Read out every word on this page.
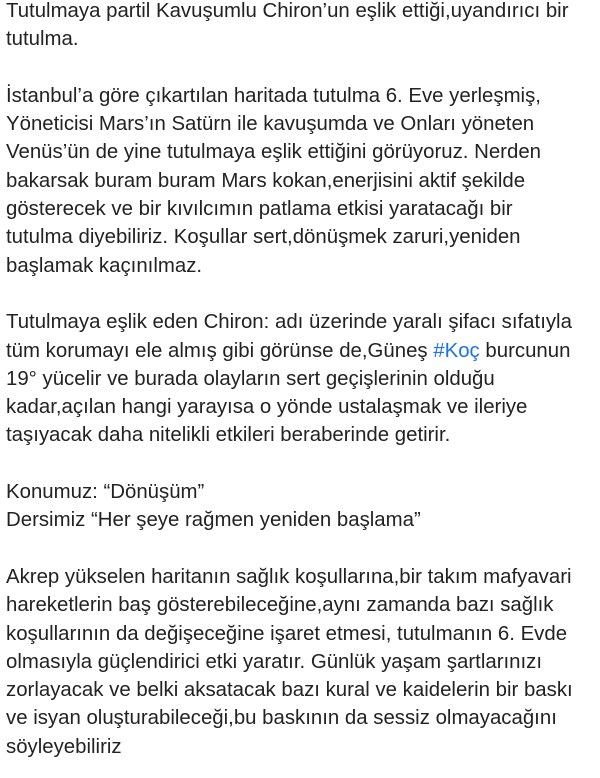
Tutulmaya partil Kavuşumlu Chiron’un eşlik ettiği,uyandırıcı bir
tutulma.
İstanbul’a göre çıkartılan haritada tutulma 6. Eve yerleşmiş,
Yöneticisi Mars’ın Satürn ile kavuşumda ve Onları yöneten
Venüs’ün de yine tutulmaya eşlik ettiğini görüyoruz. Nerden
bakarsak buram buram Mars kokan,enerjisini aktif şekilde
gösterecek ve bir kıvılcımın patlama etkisi yaratacağı bir
tutulma diyebiliriz. Koşullar sert,dönüşmek zaruri,yeniden
başlamak kaçınılmaz.
Tutulmaya eşlik eden Chiron: adı üzerinde yaralı şifacı sıfatıyla
tüm korumayı ele almış gibi görünse de,Güneş #Koç burcunun
19° yücelir ve burada olayların sert geçişlerinin olduğu
kadar,açılan hangi yarayısa o yönde ustalaşmak ve ileriye
taşıyacak daha nitelikli etkileri beraberinde getirir.
Konumuz: “Dönüşüm”
Dersimiz “Her şeye rağmen yeniden başlama”
Akrep yükselen haritanın sağlık koşullarına,bir takım mafyavari
hareketlerin baş gösterebileceğine,aynı zamanda bazı sağlık
koşullarının da değişeceğine işaret etmesi, tutulmanın 6. Evde
olmasıyla güçlendirici etki yaratır. Günlük yaşam şartlarınızı
zorlayacak ve belki aksatacak bazı kural ve kaidelerin bir baskı
ve isyan oluşturabileceği,bu baskının da sessiz olmayacağını
söyleyebiliriz
